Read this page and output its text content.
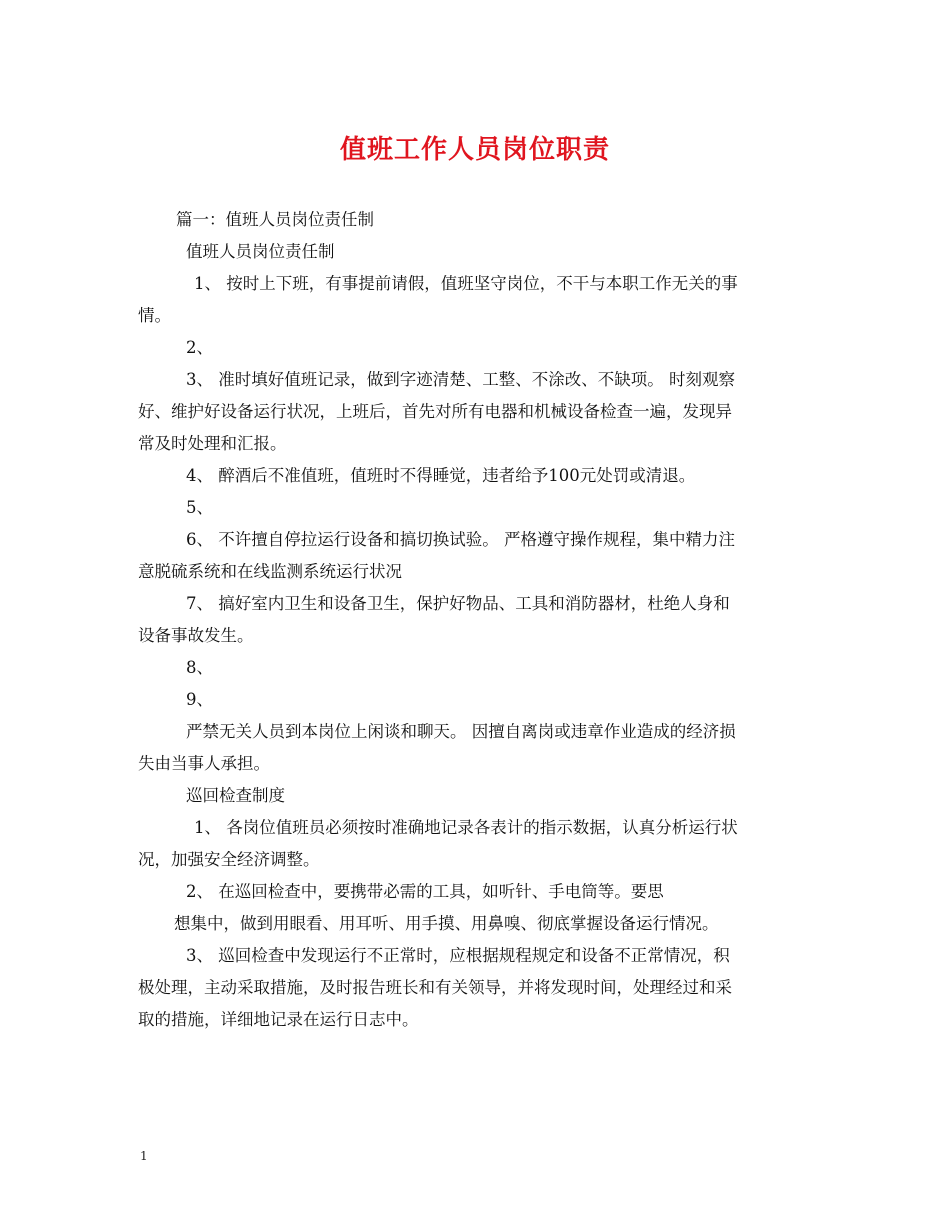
值班工作人员岗位职责
篇一：值班人员岗位责任制
值班人员岗位责任制
1、 按时上下班，有事提前请假，值班坚守岗位，不干与本职工作无关的事
情。
2、
3、 准时填好值班记录，做到字迹清楚、工整、不涂改、不缺项。 时刻观察
好、维护好设备运行状况，上班后，首先对所有电器和机械设备检查一遍，发现异
常及时处理和汇报。
4、 醉酒后不准值班，值班时不得睡觉，违者给予100元处罚或清退。
5、
6、 不许擅自停拉运行设备和搞切换试验。 严格遵守操作规程，集中精力注
意脱硫系统和在线监测系统运行状况
7、 搞好室内卫生和设备卫生，保护好物品、工具和消防器材，杜绝人身和
设备事故发生。
8、
9、
严禁无关人员到本岗位上闲谈和聊天。 因擅自离岗或违章作业造成的经济损
失由当事人承担。
巡回检查制度
1、 各岗位值班员必须按时准确地记录各表计的指示数据，认真分析运行状
况，加强安全经济调整。
2、 在巡回检查中，要携带必需的工具，如听针、手电筒等。要思
想集中，做到用眼看、用耳听、用手摸、用鼻嗅、彻底掌握设备运行情况。
3、 巡回检查中发现运行不正常时，应根据规程规定和设备不正常情况，积
极处理，主动采取措施，及时报告班长和有关领导，并将发现时间，处理经过和采
取的措施，详细地记录在运行日志中。
1
